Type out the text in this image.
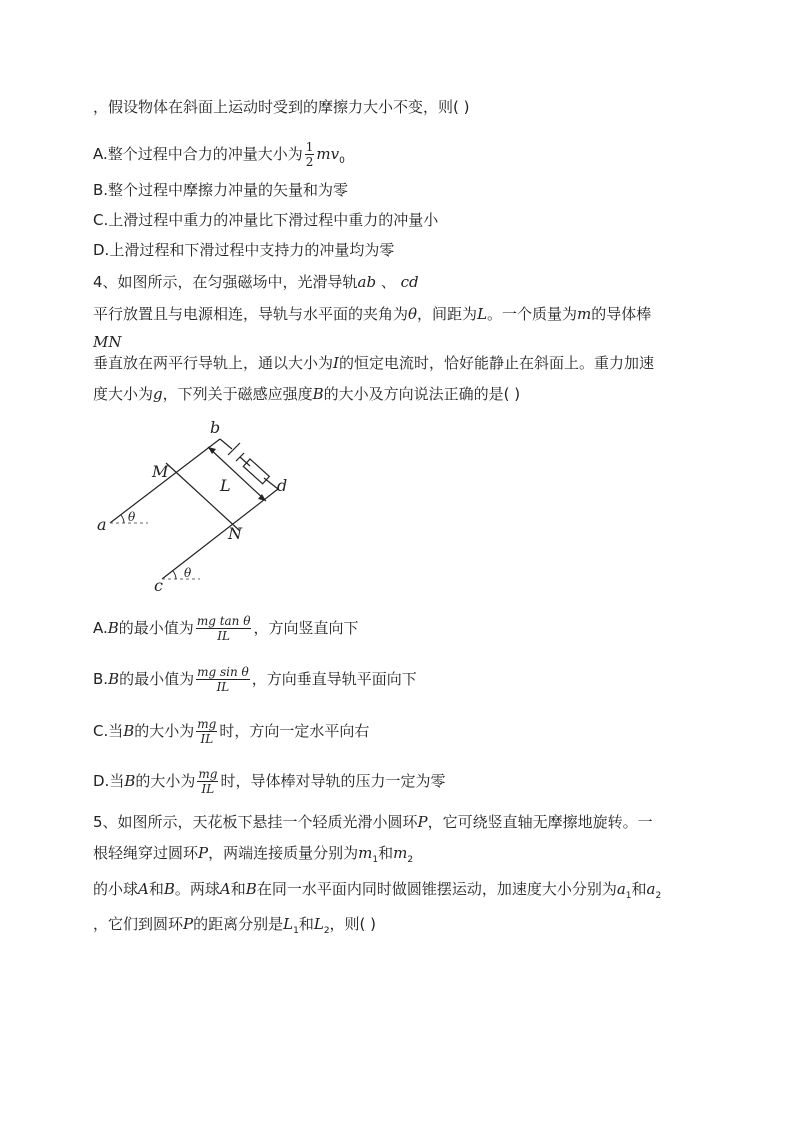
，假设物体在斜面上运动时受到的摩擦力大小不变，则( )
A.整个过程中合力的冲量大小为 $\frac{1}{2} mv_0$
B.整个过程中摩擦力冲量的矢量和为零
C.上滑过程中重力的冲量比下滑过程中重力的冲量小
D.上滑过程和下滑过程中支持力的冲量均为零
4、如图所示，在匀强磁场中，光滑导轨ab 、 cd
平行放置且与电源相连，导轨与水平面的夹角为θ，间距为L。一个质量为m的导体棒
MN
垂直放在两平行导轨上，通以大小为I的恒定电流时，恰好能静止在斜面上。重力加速
度大小为g，下列关于磁感应强度B的大小及方向说法正确的是( )
b
M
L	d
a θ
N
c
θ
A.B的最小值为 $\frac{\text{mg tan θ}}{IL}$ ，方向竖直向下
B.B的最小值为 $\frac{\text{mg sin θ}}{IL}$ ，方向垂直导轨平面向下
C.当B的大小为 $\frac{mg}{IL}$ 时，方向一定水平向右
D.当B的大小为 $\frac{mg}{IL}$ 时，导体棒对导轨的压力一定为零
5、如图所示，天花板下悬挂一个轻质光滑小圆环P，它可绕竖直轴无摩擦地旋转。一
根轻绳穿过圆环P，两端连接质量分别为$m_1$和$m_2$
的小球A和B。两球A和B在同一水平面内同时做圆锥摆运动，加速度大小分别为$a_1$和$a_2$
，它们到圆环P的距离分别是$L_1$和$L_2$，则( )
